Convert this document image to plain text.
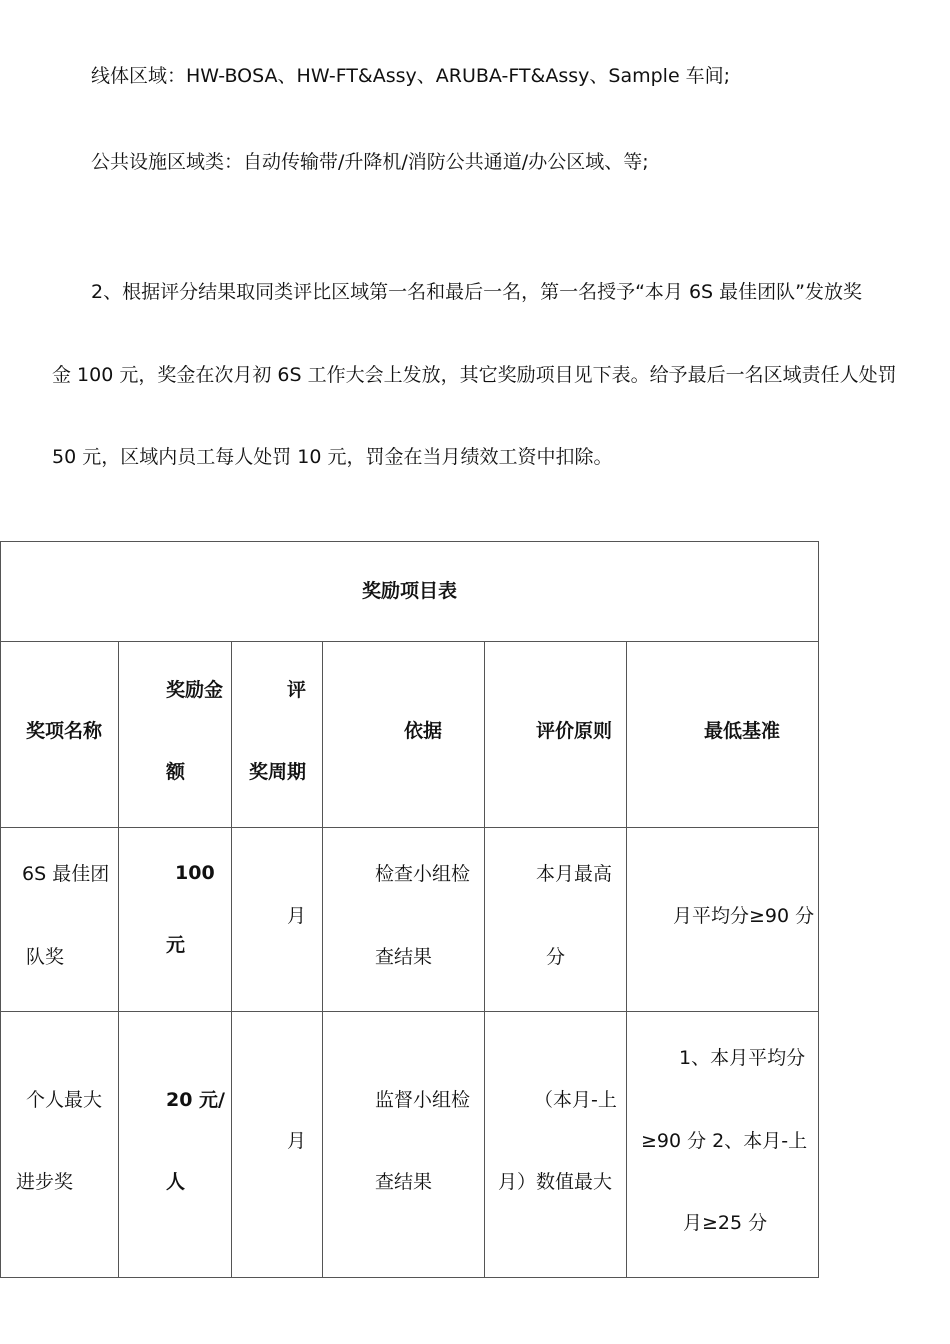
线体区域：HW-BOSA、HW-FT&Assy、ARUBA-FT&Assy、Sample 车间;
公共设施区域类：自动传输带/升降机/消防公共通道/办公区域、等;
2、根据评分结果取同类评比区域第一名和最后一名，第一名授予“本月 6S 最佳团队”发放奖
金 100 元，奖金在次月初 6S 工作大会上发放，其它奖励项目见下表。给予最后一名区域责任人处罚
50 元，区域内员工每人处罚 10 元，罚金在当月绩效工资中扣除。
奖励项目表
奖项名称
奖励金
额
评
奖周期
依据	评价原则	最低基准
6S 最佳团
队奖
100
元
月
检查小组检
查结果
本月最高
分
月平均分≥90 分
个人最大
进步奖
20 元/
人
月
监督小组检
查结果
（本月-上
月）数值最大
1、本月平均分
≥90 分 2、本月-上
月≥25 分
